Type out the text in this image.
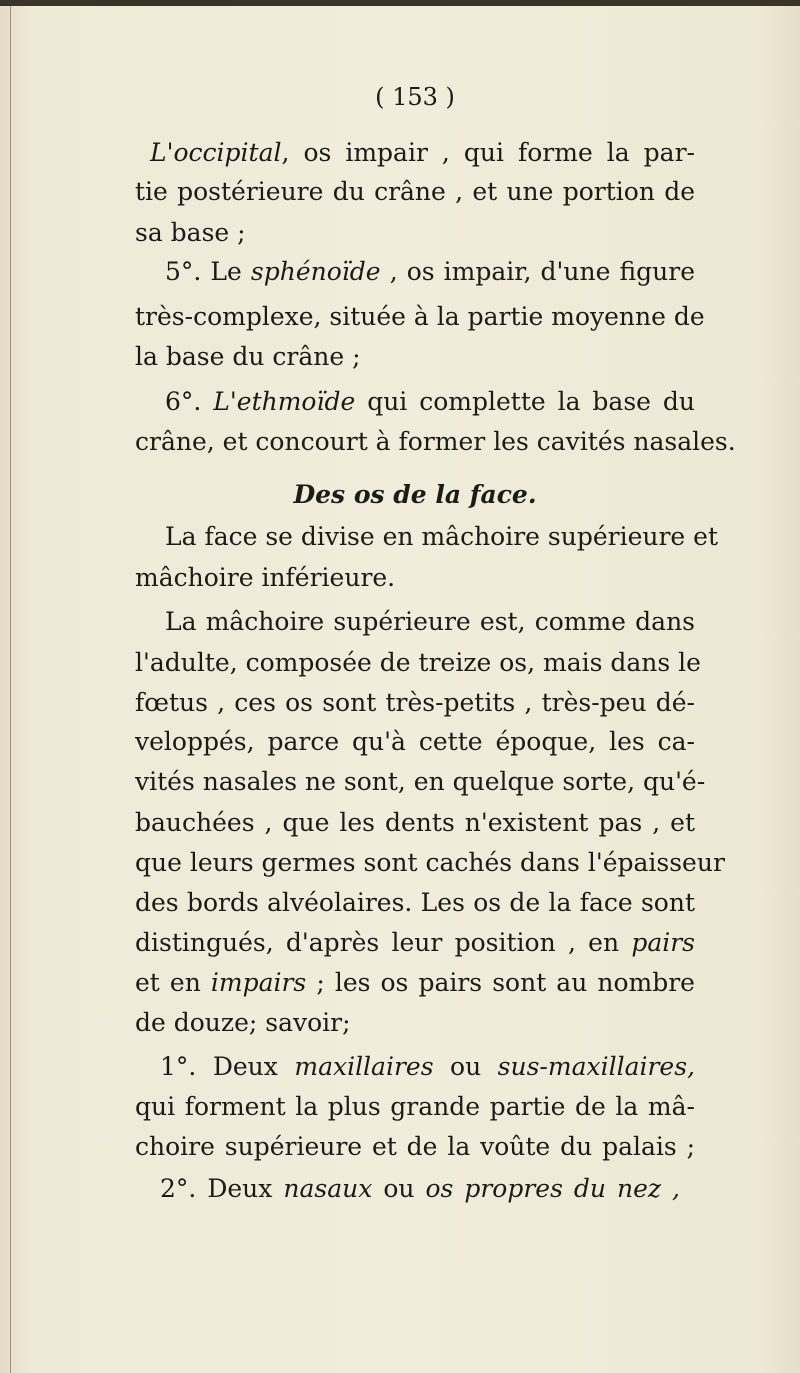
( 153 )
L'occipital, os impair , qui forme la par-
tie postérieure du crâne , et une portion de
sa base ;
5°. Le sphénoïde , os impair, d'une figure
très-complexe, située à la partie moyenne de
la base du crâne ;
6°. L'ethmoïde qui complette la base du
crâne, et concourt à former les cavités nasales.
Des os de la face.
La face se divise en mâchoire supérieure et
mâchoire inférieure.
La mâchoire supérieure est, comme dans
l'adulte, composée de treize os, mais dans le
fœtus , ces os sont très-petits , très-peu dé-
veloppés, parce qu'à cette époque, les ca-
vités nasales ne sont, en quelque sorte, qu'é-
bauchées , que les dents n'existent pas , et
que leurs germes sont cachés dans l'épaisseur
des bords alvéolaires. Les os de la face sont
distingués, d'après leur position , en pairs
et en impairs ; les os pairs sont au nombre
de douze; savoir;
1°. Deux maxillaires ou sus-maxillaires,
qui forment la plus grande partie de la mâ-
choire supérieure et de la voûte du palais ;
2°. Deux nasaux ou os propres du nez ,
